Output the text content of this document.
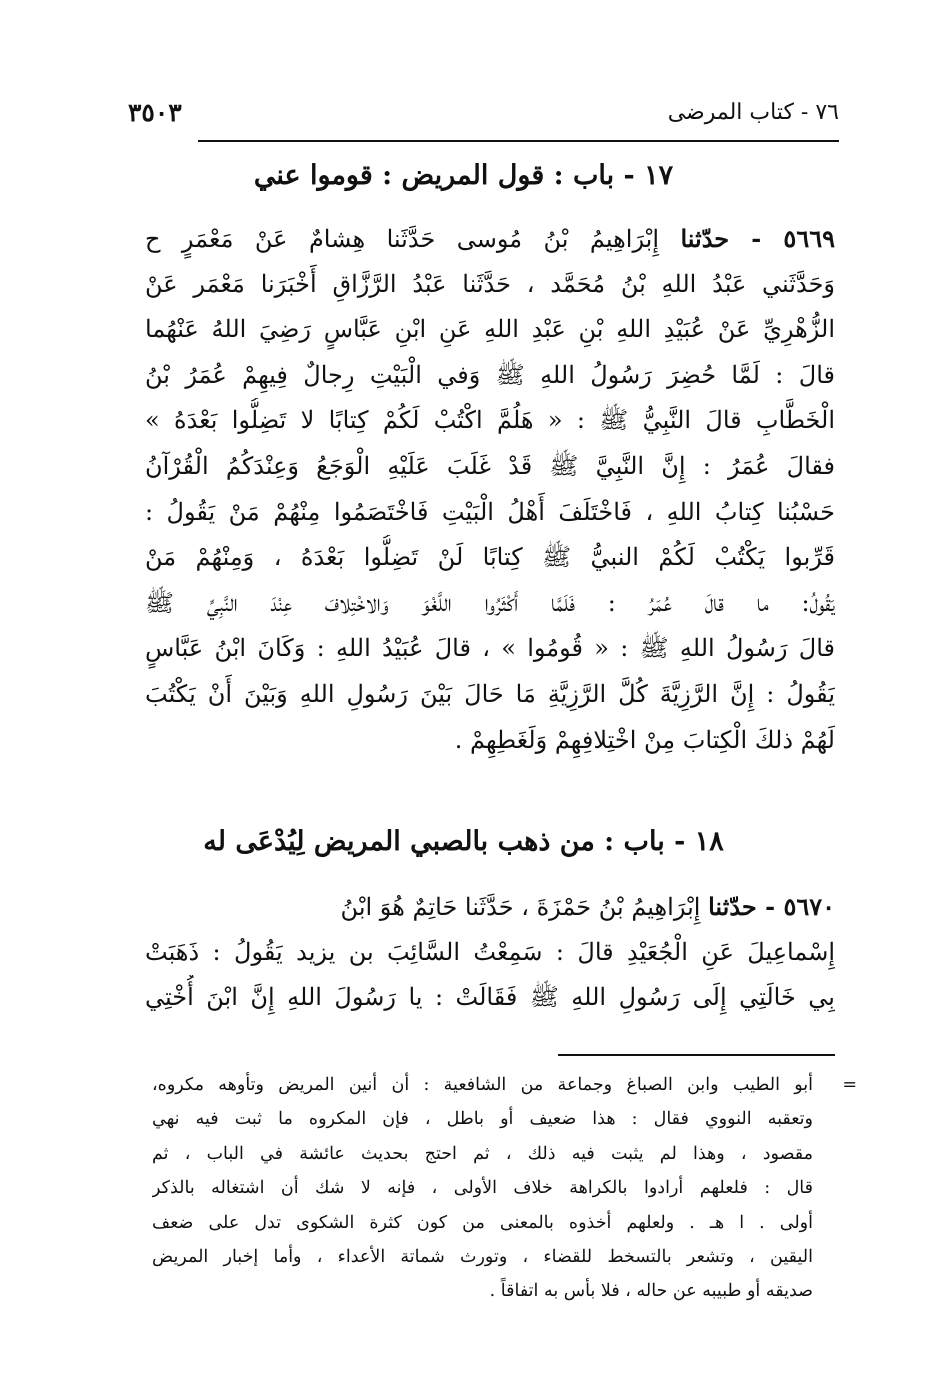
٧٦ - كتاب المرضى
٣٥٠٣
١٧ - باب : قول المريض : قوموا عني
٥٦٦٩ - حدّثنا إِبْرَاهِيمُ بْنُ مُوسى حَدَّثَنا هِشامٌ عَنْ مَعْمَرٍ ح
وَحَدَّثَني عَبْدُ اللهِ بْنُ مُحَمَّد ، حَدَّثَنا عَبْدُ الرَّزَّاقِ أَخْبَرَنا مَعْمَر عَنْ
الزُّهْرِيِّ عَنْ عُبَيْدِ اللهِ بْنِ عَبْدِ اللهِ عَنِ ابْنِ عَبَّاسٍ رَضِيَ اللهُ عَنْهُما
قالَ : لَمَّا حُضِرَ رَسُولُ اللهِ ﷺ وَفي الْبَيْتِ رِجالٌ فِيهِمْ عُمَرُ بْنُ
الْخَطَّابِ قالَ النَّبِيُّ ﷺ : « هَلُمَّ اكْتُبْ لَكُمْ كِتابًا لا تَضِلُّوا بَعْدَهُ »
فقالَ عُمَرُ : إِنَّ النَّبِيَّ ﷺ قَدْ غَلَبَ عَلَيْهِ الْوَجَعُ وَعِنْدَكُمُ الْقُرْآنُ
حَسْبُنا كِتابُ اللهِ ، فَاخْتَلَفَ أَهْلُ الْبَيْتِ فَاخْتَصَمُوا مِنْهُمْ مَنْ يَقُولُ :
قَرِّبوا يَكْتُبْ لَكُمْ النبيُّ ﷺ كِتابًا لَنْ تَضِلُّوا بَعْدَهُ ، وَمِنْهُمْ مَنْ
يَقُولُ: ما قالَ عُمَرُ : فَلَمَّا أَكْثَرُوا اللَّغْوَ وَالاخْتِلافَ عِنْدَ النَّبِيِّ ﷺ
قالَ رَسُولُ اللهِ ﷺ : « قُومُوا » ، قالَ عُبَيْدُ اللهِ : وَكَانَ ابْنُ عَبَّاسٍ
يَقُولُ : إِنَّ الرَّزِيَّةَ كُلَّ الرَّزِيَّةِ مَا حَالَ بَيْنَ رَسُولِ اللهِ وَبَيْنَ أَنْ يَكْتُبَ
لَهُمْ ذلكَ الْكِتابَ مِنْ اخْتِلافِهِمْ وَلَغَطِهِمْ .
١٨ - باب : من ذهب بالصبي المريض لِيُدْعَى له
٥٦٧٠ - حدّثنا إِبْرَاهِيمُ بْنُ حَمْزَةَ ، حَدَّثَنا حَاتِمٌ هُوَ ابْنُ
إِسْماعِيلَ عَنِ الْجُعَيْدِ قالَ : سَمِعْتُ السَّائِبَ بن يزيد يَقُولُ : ذَهَبَتْ
بِي خَالَتِي إِلَى رَسُولِ اللهِ ﷺ فَقَالَتْ : يا رَسُولَ اللهِ إِنَّ ابْنَ أُخْتِي
=
أبو الطيب وابن الصباغ وجماعة من الشافعية : أن أنين المريض وتأوهه مكروه،
وتعقبه النووي فقال : هذا ضعيف أو باطل ، فإن المكروه ما ثبت فيه نهي
مقصود ، وهذا لم يثبت فيه ذلك ، ثم احتج بحديث عائشة في الباب ، ثم
قال : فلعلهم أرادوا بالكراهة خلاف الأولى ، فإنه لا شك أن اشتغاله بالذكر
أولى . ا هـ . ولعلهم أخذوه بالمعنى من كون كثرة الشكوى تدل على ضعف
اليقين ، وتشعر بالتسخط للقضاء ، وتورث شماتة الأعداء ، وأما إخبار المريض
صديقه أو طبيبه عن حاله ، فلا بأس به اتفاقاً .
